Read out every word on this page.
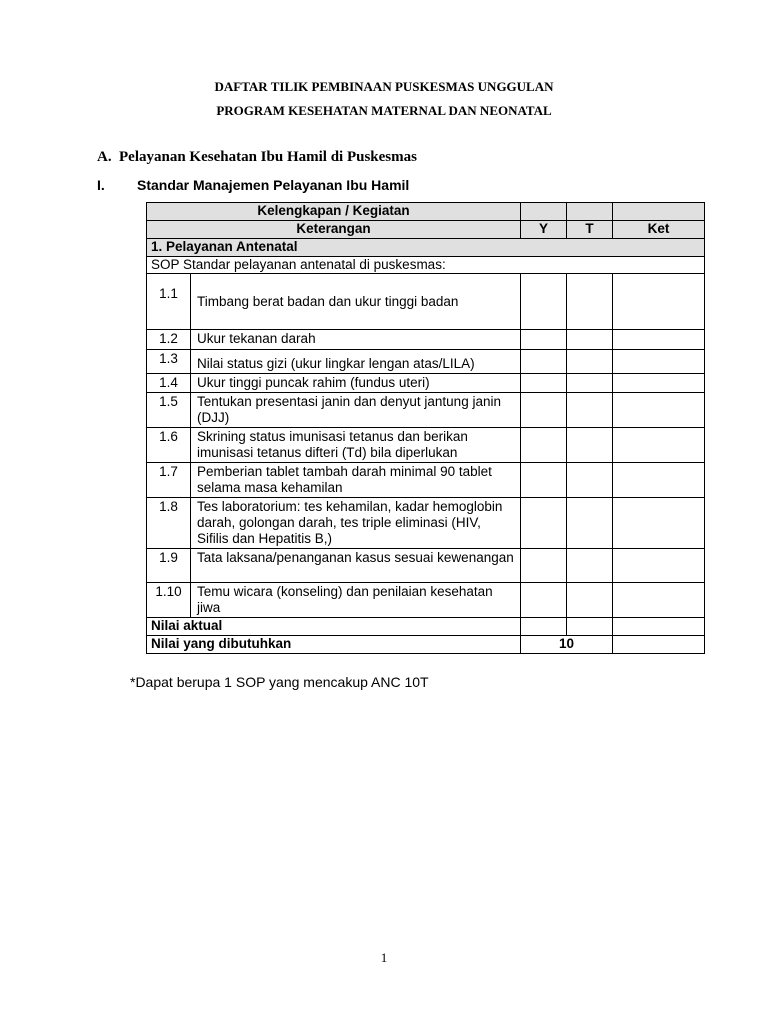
DAFTAR TILIK PEMBINAAN PUSKESMAS UNGGULAN
PROGRAM KESEHATAN MATERNAL DAN NEONATAL
A. Pelayanan Kesehatan Ibu Hamil di Puskesmas
I. Standar Manajemen Pelayanan Ibu Hamil
Kelengkapan / Kegiatan				
Keterangan		Y	T	Ket
1. Pelayanan Antenatal				
SOP Standar pelayanan antenatal di puskesmas:				
1.1	Timbang berat badan dan ukur tinggi badan			
1.2	Ukur tekanan darah			
1.3	Nilai status gizi (ukur lingkar lengan atas/LILA)			
1.4	Ukur tinggi puncak rahim (fundus uteri)			
1.5	Tentukan presentasi janin dan denyut jantung janin (DJJ)			
1.6	Skrining status imunisasi tetanus dan berikan imunisasi tetanus difteri (Td) bila diperlukan			
1.7	Pemberian tablet tambah darah minimal 90 tablet selama masa kehamilan			
1.8	Tes laboratorium: tes kehamilan, kadar hemoglobin darah, golongan darah, tes triple eliminasi (HIV, Sifilis dan Hepatitis B,)			
1.9	Tata laksana/penanganan kasus sesuai kewenangan			
1.10	Temu wicara (konseling) dan penilaian kesehatan jiwa			
Nilai aktual				
Nilai yang dibutuhkan		10		
*Dapat berupa 1 SOP yang mencakup ANC 10T
1
